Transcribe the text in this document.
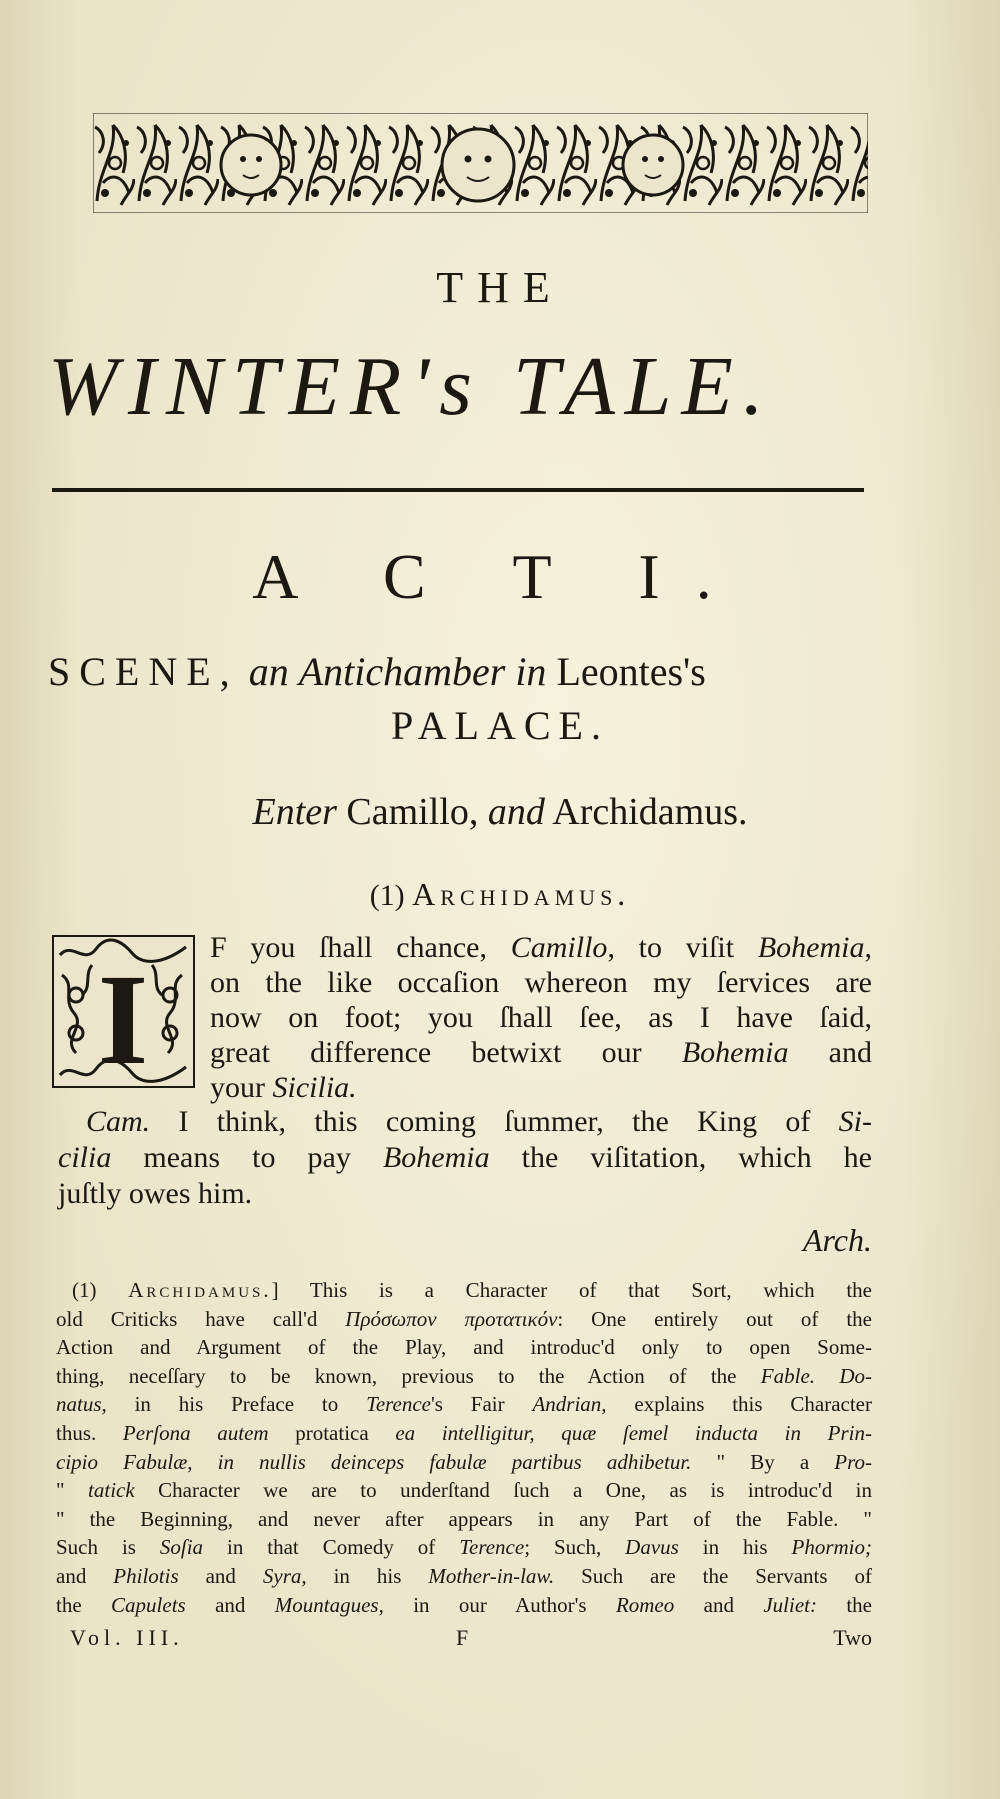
THE
WINTER's TALE.
A C T I.
SCENE, an Antichamber in Leontes's
PALACE.
Enter Camillo, and Archidamus.
(1) Archidamus.
I
F you ſhall chance, Camillo, to viſit Bohemia,
on the like occaſion whereon my ſervices are
now on foot; you ſhall ſee, as I have ſaid,
great difference betwixt our Bohemia and
your Sicilia.
Cam. I think, this coming ſummer, the King of Si-
cilia means to pay Bohemia the viſitation, which he
juſtly owes him.
Arch.
(1) Archidamus.] This is a Character of that Sort, which the
old Criticks have call'd Πρόσωπον προτατικόν: One entirely out of the
Action and Argument of the Play, and introduc'd only to open Some-
thing, neceſſary to be known, previous to the Action of the Fable. Do-
natus, in his Preface to Terence's Fair Andrian, explains this Character
thus. Perſona autem protatica ea intelligitur, quæ ſemel inducta in Prin-
cipio Fabulæ, in nullis deinceps fabulæ partibus adhibetur. " By a Pro-
" tatick Character we are to underſtand ſuch a One, as is introduc'd in
" the Beginning, and never after appears in any Part of the Fable. "
Such is Soſia in that Comedy of Terence; Such, Davus in his Phormio;
and Philotis and Syra, in his Mother-in-law. Such are the Servants of
the Capulets and Mountagues, in our Author's Romeo and Juliet: the
Vol. III.	F	Two
